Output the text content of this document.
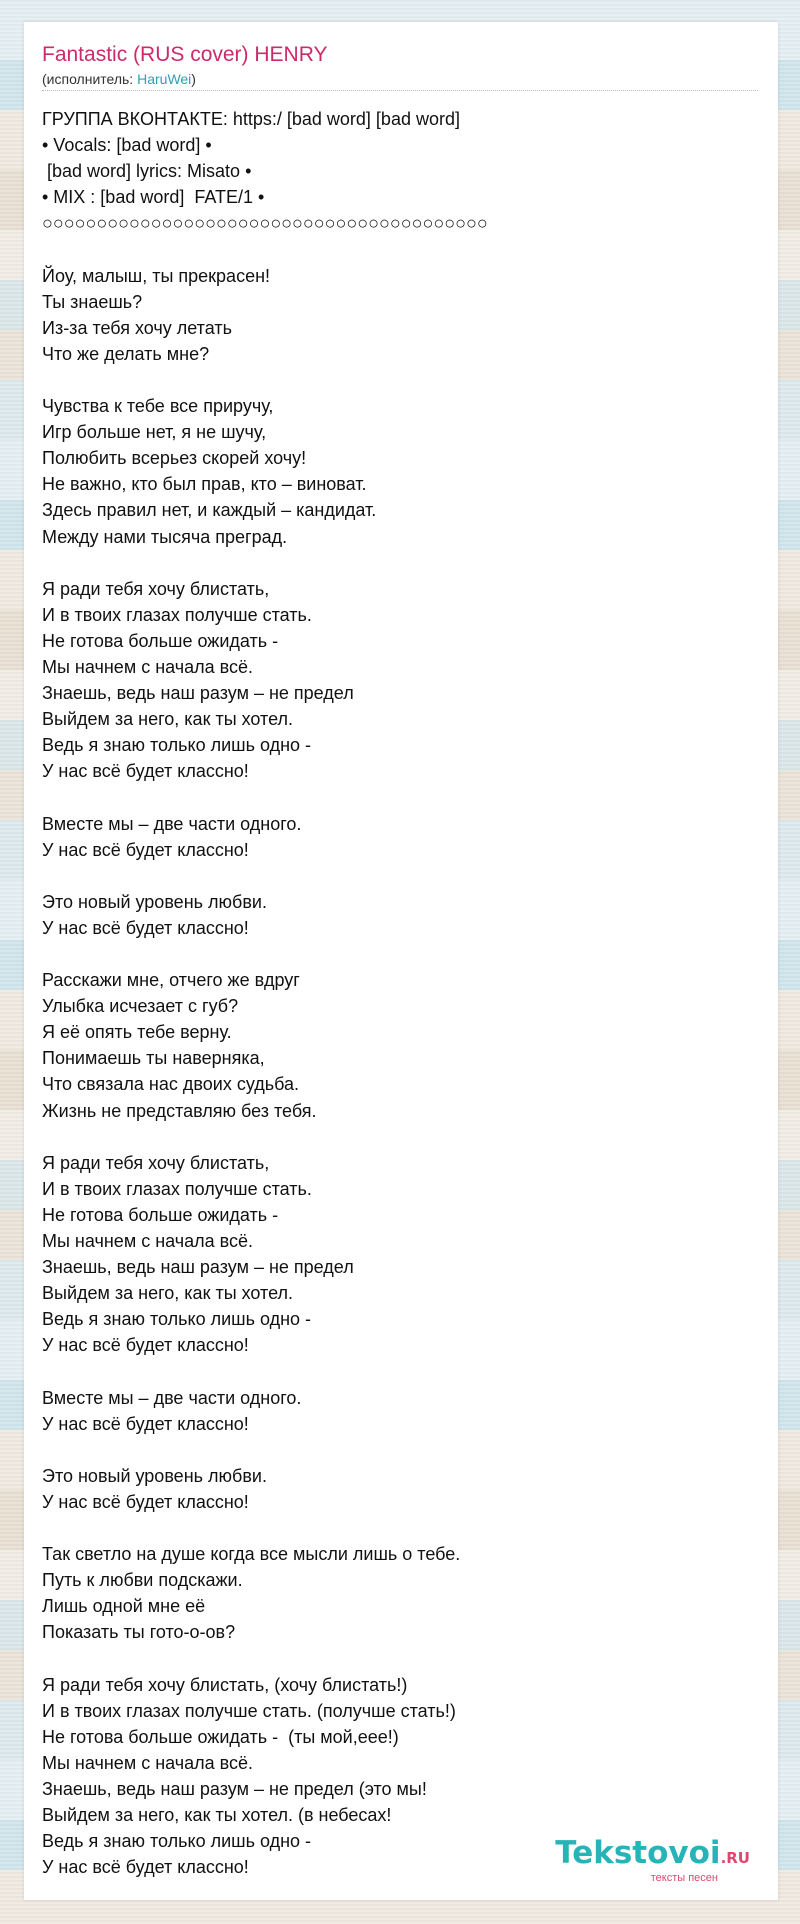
Fantastic (RUS cover) HENRY
(исполнитель: HaruWei)
ГРУППА ВКОНТАКТЕ: https:/ [bad word] [bad word]
• Vocals: [bad word] •
[bad word] lyrics: Misato •
• MIX : [bad word]  FATE/1 •
○○○○○○○○○○○○○○○○○○○○○○○○○○○○○○○○○○○○○○○○○
Йоу, малыш, ты прекрасен!
Ты знаешь?
Из-за тебя хочу летать
Что же делать мне?
Чувства к тебе все приручу,
Игр больше нет, я не шучу,
Полюбить всерьез скорей хочу!
Не важно, кто был прав, кто – виноват.
Здесь правил нет, и каждый – кандидат.
Между нами тысяча преград.
Я ради тебя хочу блистать,
И в твоих глазах получше стать.
Не готова больше ожидать -
Мы начнем с начала всё.
Знаешь, ведь наш разум – не предел
Выйдем за него, как ты хотел.
Ведь я знаю только лишь одно -
У нас всё будет классно!
Вместе мы – две части одного.
У нас всё будет классно!
Это новый уровень любви.
У нас всё будет классно!
Расскажи мне, отчего же вдруг
Улыбка исчезает с губ?
Я её опять тебе верну.
Понимаешь ты наверняка,
Что связала нас двоих судьба.
Жизнь не представляю без тебя.
Я ради тебя хочу блистать,
И в твоих глазах получше стать.
Не готова больше ожидать -
Мы начнем с начала всё.
Знаешь, ведь наш разум – не предел
Выйдем за него, как ты хотел.
Ведь я знаю только лишь одно -
У нас всё будет классно!
Вместе мы – две части одного.
У нас всё будет классно!
Это новый уровень любви.
У нас всё будет классно!
Так светло на душе когда все мысли лишь о тебе.
Путь к любви подскажи.
Лишь одной мне её
Показать ты гото-о-ов?
Я ради тебя хочу блистать, (хочу блистать!)
И в твоих глазах получше стать. (получше стать!)
Не готова больше ожидать -  (ты мой,еее!)
Мы начнем с начала всё.
Знаешь, ведь наш разум – не предел (это мы!
Выйдем за него, как ты хотел. (в небесах!
Ведь я знаю только лишь одно -
У нас всё будет классно!	Tekstovoi.RU
тексты песен
